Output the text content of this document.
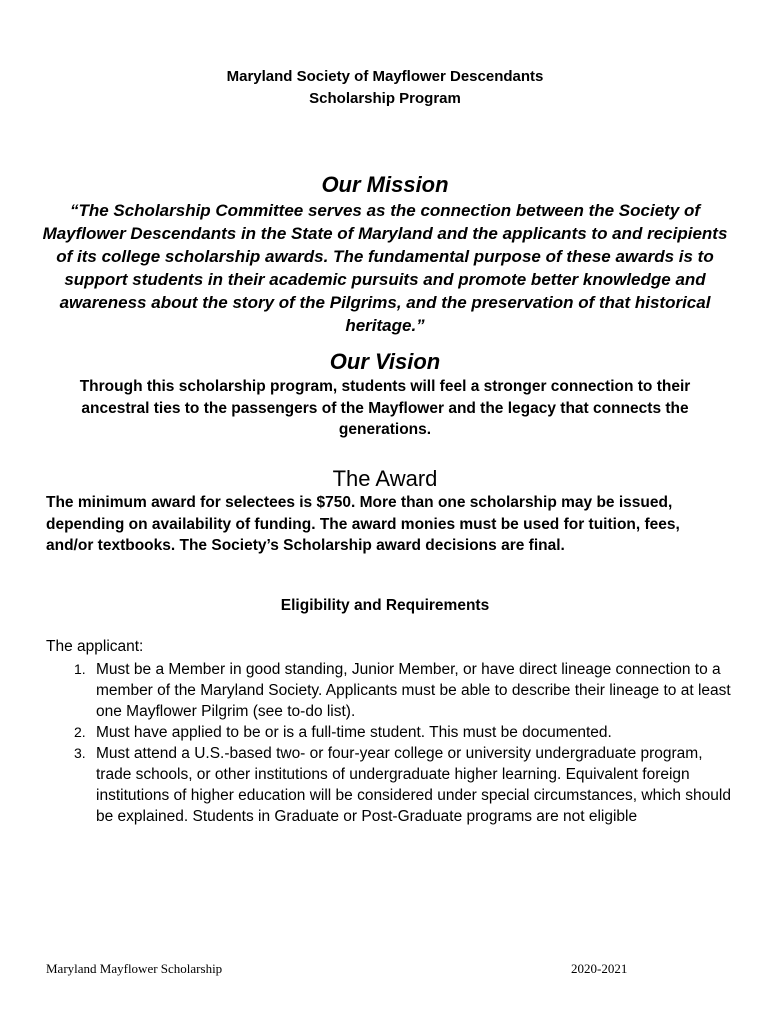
Maryland Society of Mayflower Descendants
Scholarship Program
Our Mission
“The Scholarship Committee serves as the connection between the Society of Mayflower Descendants in the State of Maryland and the applicants to and recipients of its college scholarship awards. The fundamental purpose of these awards is to support students in their academic pursuits and promote better knowledge and awareness about the story of the Pilgrims, and the preservation of that historical heritage.”
Our Vision
Through this scholarship program, students will feel a stronger connection to their ancestral ties to the passengers of the Mayflower and the legacy that connects the generations.
The Award
The minimum award for selectees is $750. More than one scholarship may be issued, depending on availability of funding. The award monies must be used for tuition, fees, and/or textbooks. The Society’s Scholarship award decisions are final.
Eligibility and Requirements
The applicant:
1. Must be a Member in good standing, Junior Member, or have direct lineage connection to a member of the Maryland Society. Applicants must be able to describe their lineage to at least one Mayflower Pilgrim (see to-do list).
2. Must have applied to be or is a full-time student. This must be documented.
3. Must attend a U.S.-based two- or four-year college or university undergraduate program, trade schools, or other institutions of undergraduate higher learning. Equivalent foreign institutions of higher education will be considered under special circumstances, which should be explained. Students in Graduate or Post-Graduate programs are not eligible
Maryland Mayflower Scholarship	2020-2021
